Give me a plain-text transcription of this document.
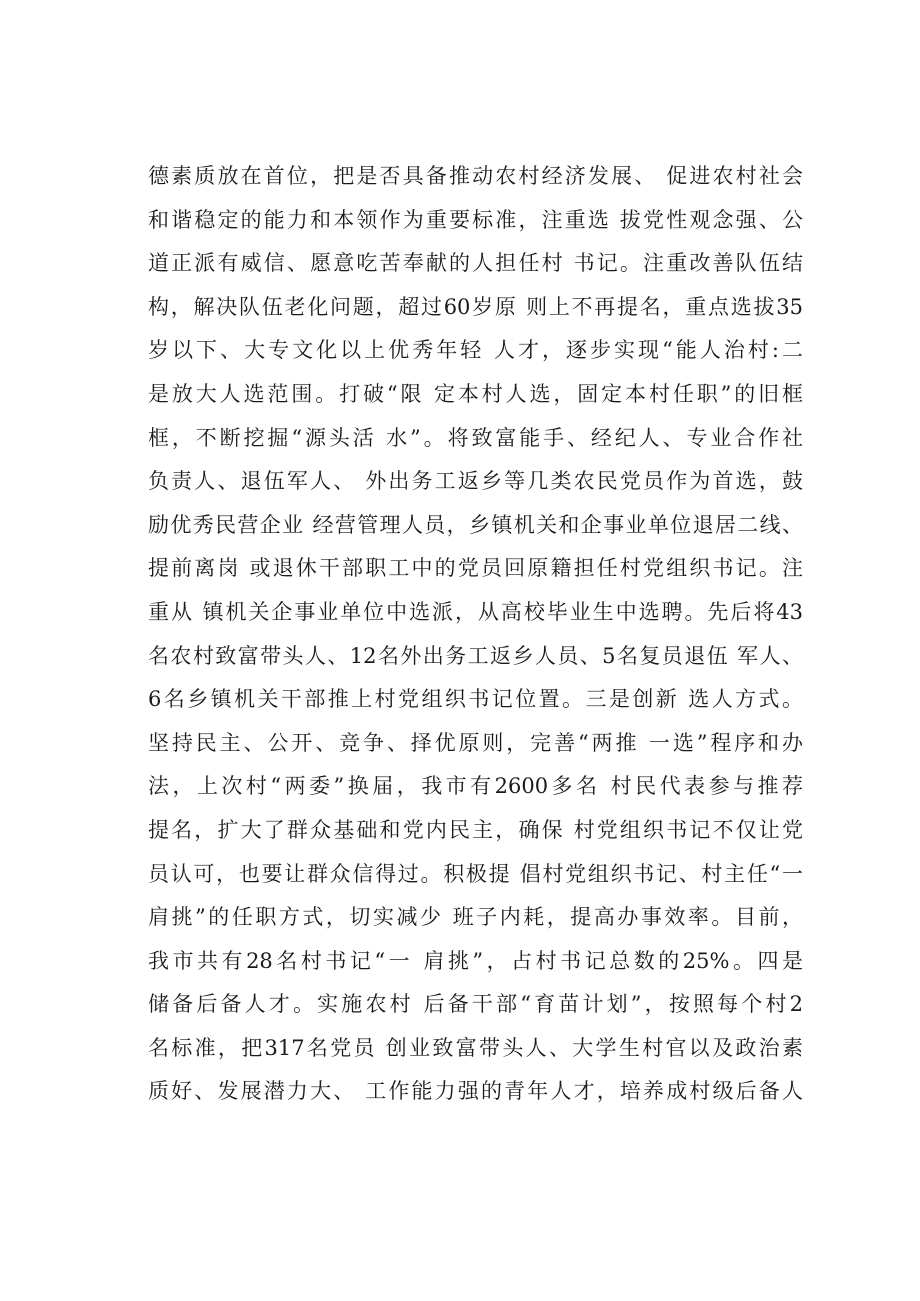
德素质放在首位，把是否具备推动农村经济发展、 促进农村社会
和谐稳定的能力和本领作为重要标准，注重选 拔党性观念强、公
道正派有威信、愿意吃苦奉献的人担任村 书记。注重改善队伍结
构，解决队伍老化问题，超过60岁原 则上不再提名，重点选拔35
岁以下、大专文化以上优秀年轻 人才，逐步实现“能人治村:二
是放大人选范围。打破“限 定本村人选，固定本村任职”的旧框
框，不断挖掘“源头活 水”。将致富能手、经纪人、专业合作社
负责人、退伍军人、 外出务工返乡等几类农民党员作为首选，鼓
励优秀民营企业 经营管理人员，乡镇机关和企事业单位退居二线、
提前离岗 或退休干部职工中的党员回原籍担任村党组织书记。注
重从 镇机关企事业单位中选派，从高校毕业生中选聘。先后将43
名农村致富带头人、12名外出务工返乡人员、5名复员退伍 军人、
6名乡镇机关干部推上村党组织书记位置。三是创新 选人方式。
坚持民主、公开、竞争、择优原则，完善“两推 一选”程序和办
法，上次村“两委”换届，我市有2600多名 村民代表参与推荐
提名，扩大了群众基础和党内民主，确保 村党组织书记不仅让党
员认可，也要让群众信得过。积极提 倡村党组织书记、村主任“一
肩挑”的任职方式，切实减少 班子内耗，提高办事效率。目前，
我市共有28名村书记“一 肩挑”，占村书记总数的25%。四是
储备后备人才。实施农村 后备干部“育苗计划”，按照每个村2
名标准，把317名党员 创业致富带头人、大学生村官以及政治素
质好、发展潜力大、 工作能力强的青年人才，培养成村级后备人
